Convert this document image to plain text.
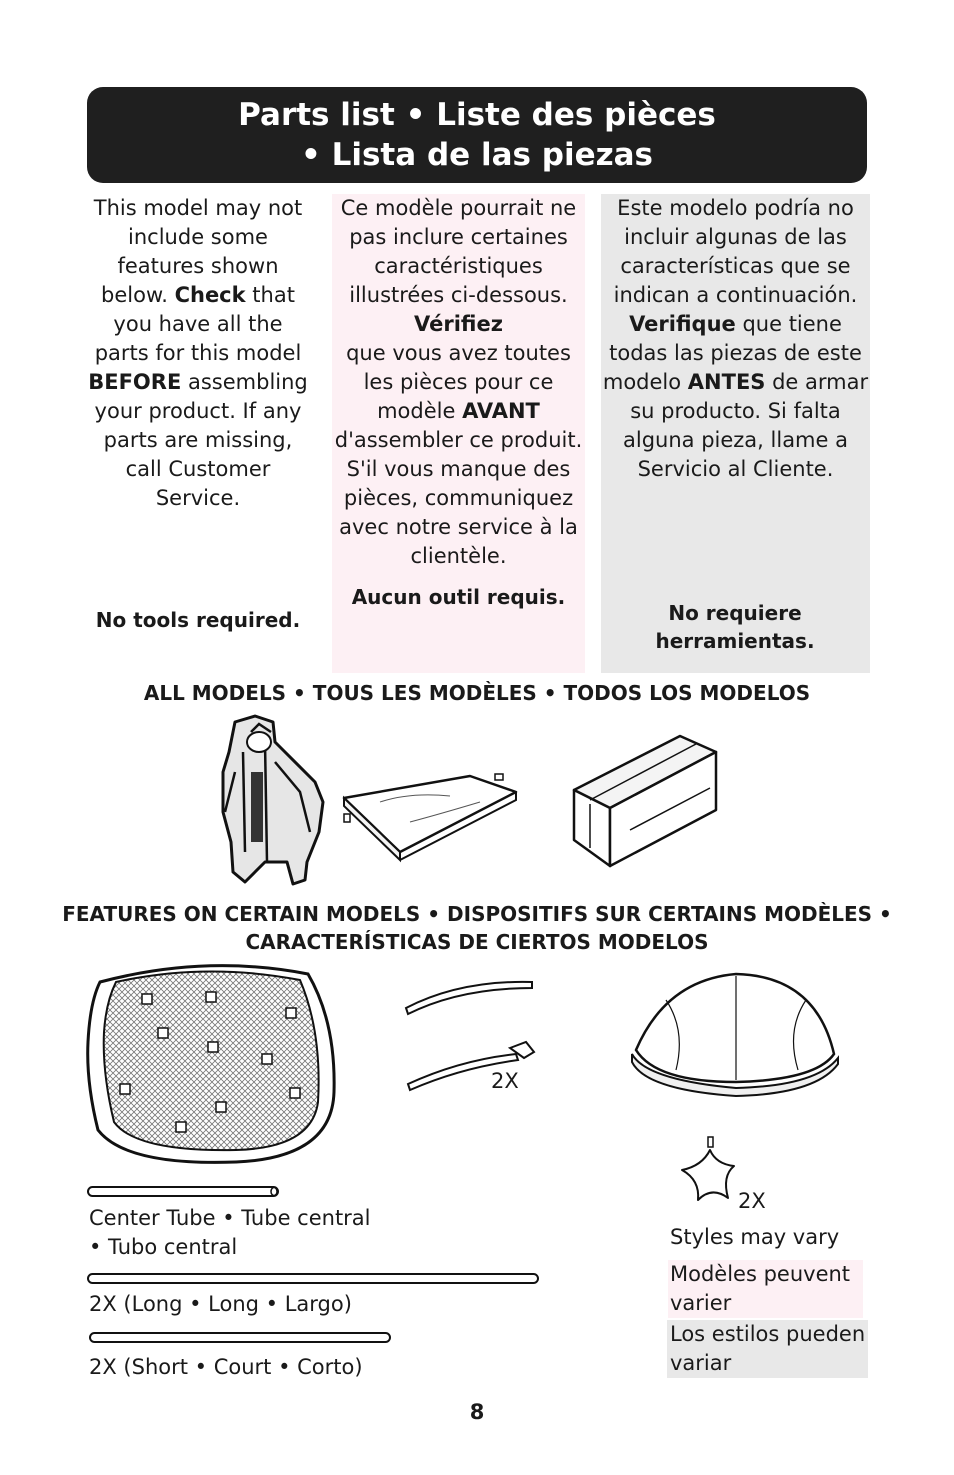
Parts list • Liste des pièces
• Lista de las piezas
This model may not include some features shown below. Check that you have all the parts for this model BEFORE assembling your product. If any parts are missing, call Customer Service.
No tools required.
Ce modèle pourrait ne pas inclure certaines caractéristiques illustrées ci-dessous.
Vérifiez
que vous avez toutes les pièces pour ce modèle AVANT d'assembler ce produit. S'il vous manque des pièces, communiquez avec notre service à la clientèle.
Aucun outil requis.
Este modelo podría no incluir algunas de las características que se indican a continuación. Verifique que tiene todas las piezas de este modelo ANTES de armar su producto. Si falta alguna pieza, llame a Servicio al Cliente.
No requiere herramientas.
ALL MODELS • TOUS LES MODÈLES • TODOS LOS MODELOS
FEATURES ON CERTAIN MODELS • DISPOSITIFS SUR CERTAINS MODÈLES • CARACTERÍSTICAS DE CIERTOS MODELOS
2X
Center Tube • Tube central • Tubo central
2X (Long • Long • Largo)
2X (Short • Court • Corto)
2X
Styles may vary
Modèles peuvent varier
Los estilos pueden variar
8
